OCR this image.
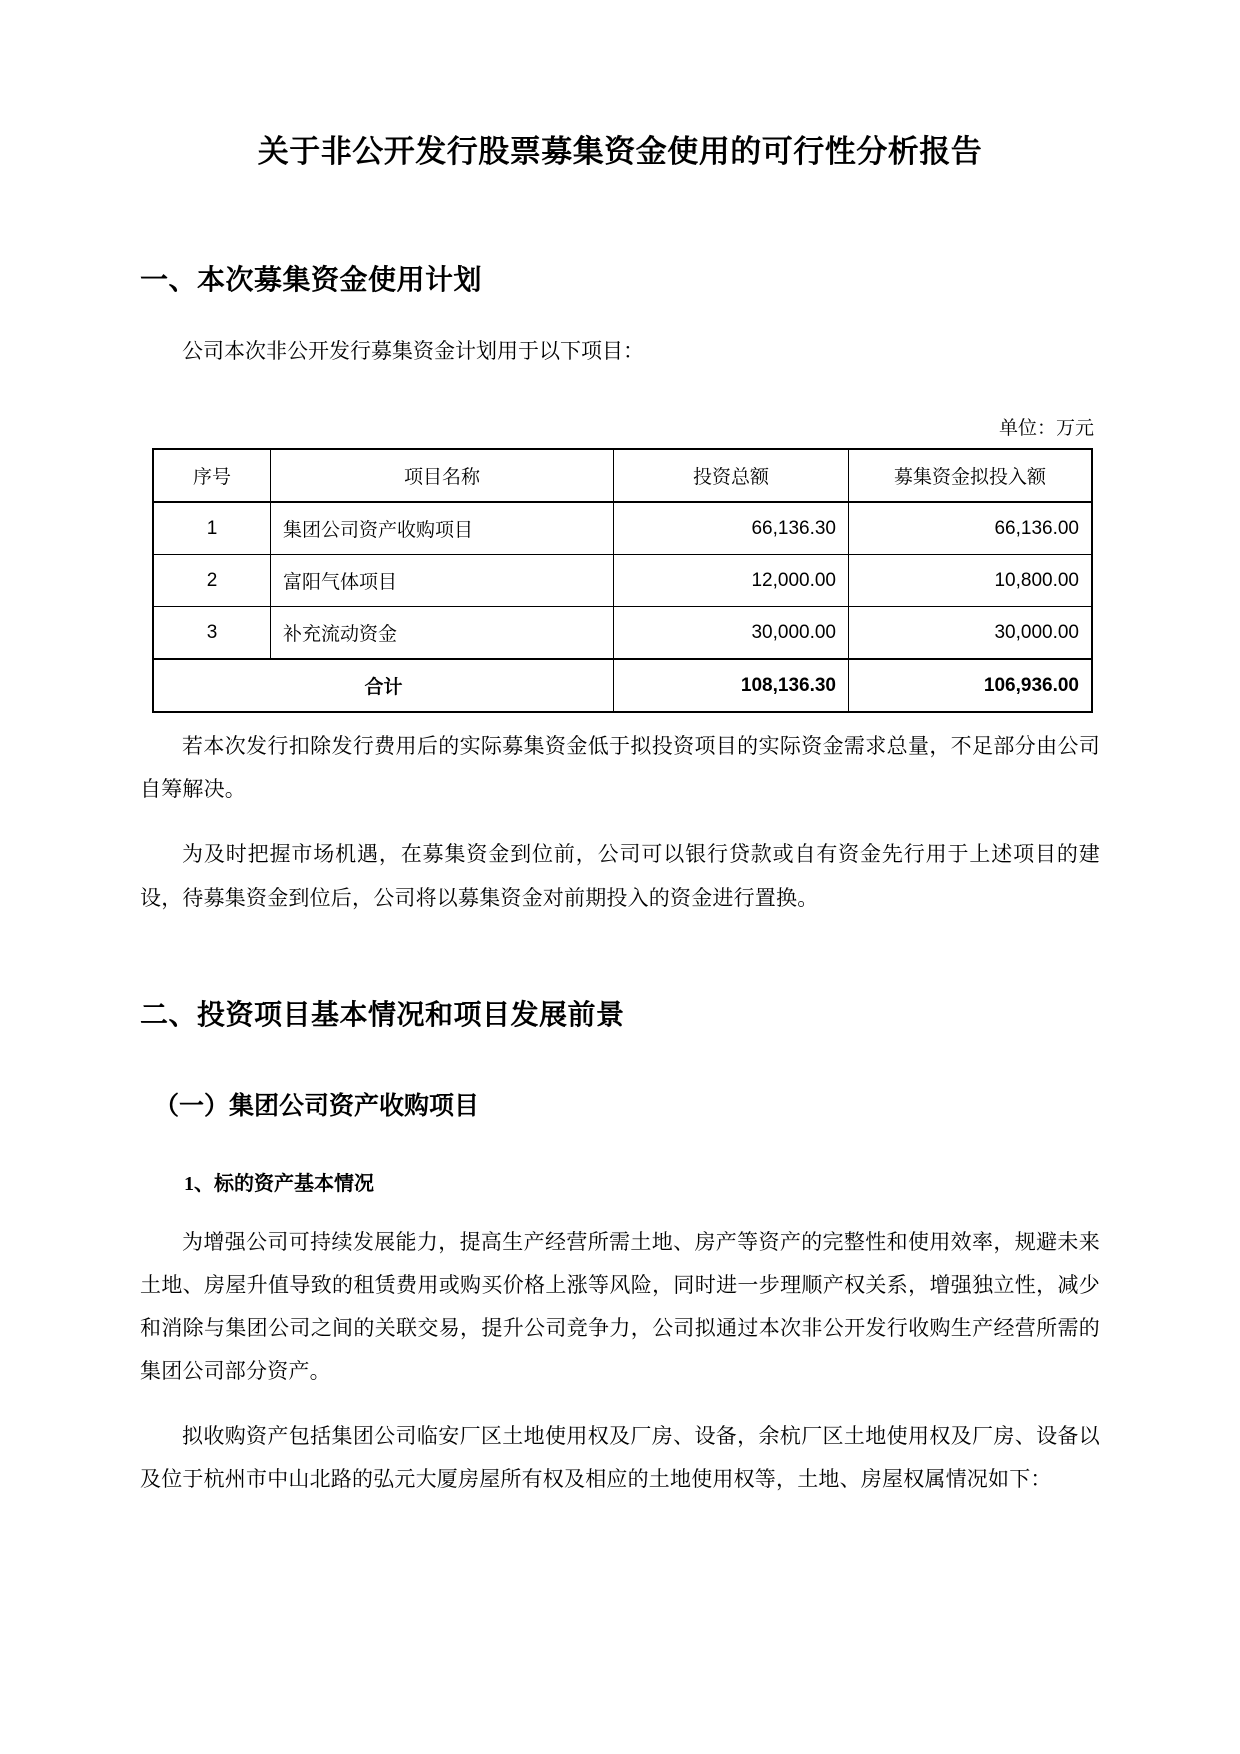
关于非公开发行股票募集资金使用的可行性分析报告
一、本次募集资金使用计划

公司本次非公开发行募集资金计划用于以下项目：

单位：万元
序号	项目名称	投资总额	募集资金拟投入额
1	集团公司资产收购项目	66,136.30	66,136.00
2	富阳气体项目	12,000.00	10,800.00
3	补充流动资金	30,000.00	30,000.00
合计		108,136.30	106,936.00

若本次发行扣除发行费用后的实际募集资金低于拟投资项目的实际资金需求总量，不足部分由公司自筹解决。

为及时把握市场机遇，在募集资金到位前，公司可以银行贷款或自有资金先行用于上述项目的建设，待募集资金到位后，公司将以募集资金对前期投入的资金进行置换。

二、投资项目基本情况和项目发展前景
（一）集团公司资产收购项目
1、标的资产基本情况

为增强公司可持续发展能力，提高生产经营所需土地、房产等资产的完整性和使用效率，规避未来土地、房屋升值导致的租赁费用或购买价格上涨等风险，同时进一步理顺产权关系，增强独立性，减少和消除与集团公司之间的关联交易，提升公司竞争力，公司拟通过本次非公开发行收购生产经营所需的集团公司部分资产。

拟收购资产包括集团公司临安厂区土地使用权及厂房、设备，余杭厂区土地使用权及厂房、设备以及位于杭州市中山北路的弘元大厦房屋所有权及相应的土地使用权等，土地、房屋权属情况如下：
